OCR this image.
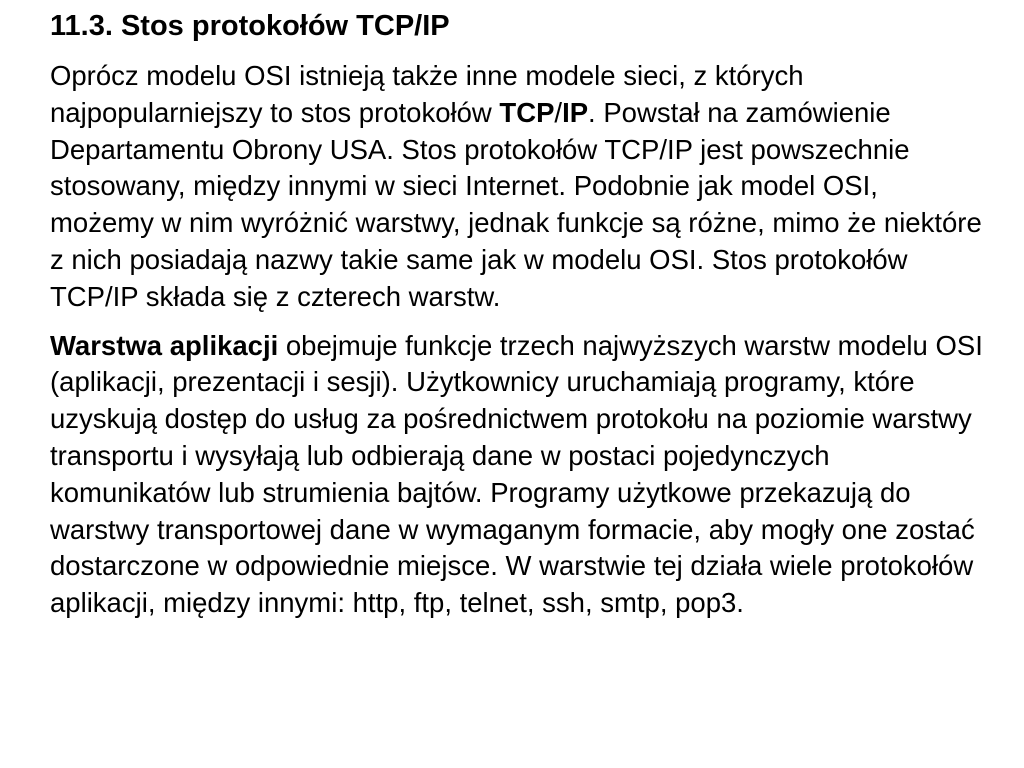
11.3. Stos protokołów TCP/IP

Oprócz modelu OSI istnieją także inne modele sieci, z których najpopularniejszy to stos protokołów TCP/IP. Powstał na zamówienie Departamentu Obrony USA. Stos protokołów TCP/IP jest powszechnie stosowany, między innymi w sieci Internet. Podobnie jak model OSI, możemy w nim wyróżnić warstwy, jednak funkcje są różne, mimo że niektóre z nich posiadają nazwy takie same jak w modelu OSI. Stos protokołów TCP/IP składa się z czterech warstw.

Warstwa aplikacji obejmuje funkcje trzech najwyższych warstw modelu OSI (aplikacji, prezentacji i sesji). Użytkownicy uruchamiają programy, które uzyskują dostęp do usług za pośrednictwem protokołu na poziomie warstwy transportu i wysyłają lub odbierają dane w postaci pojedynczych komunikatów lub strumienia bajtów. Programy użytkowe przekazują do warstwy transportowej dane w wymaganym formacie, aby mogły one zostać dostarczone w odpowiednie miejsce. W warstwie tej działa wiele protokołów aplikacji, między innymi: http, ftp, telnet, ssh, smtp, pop3.
